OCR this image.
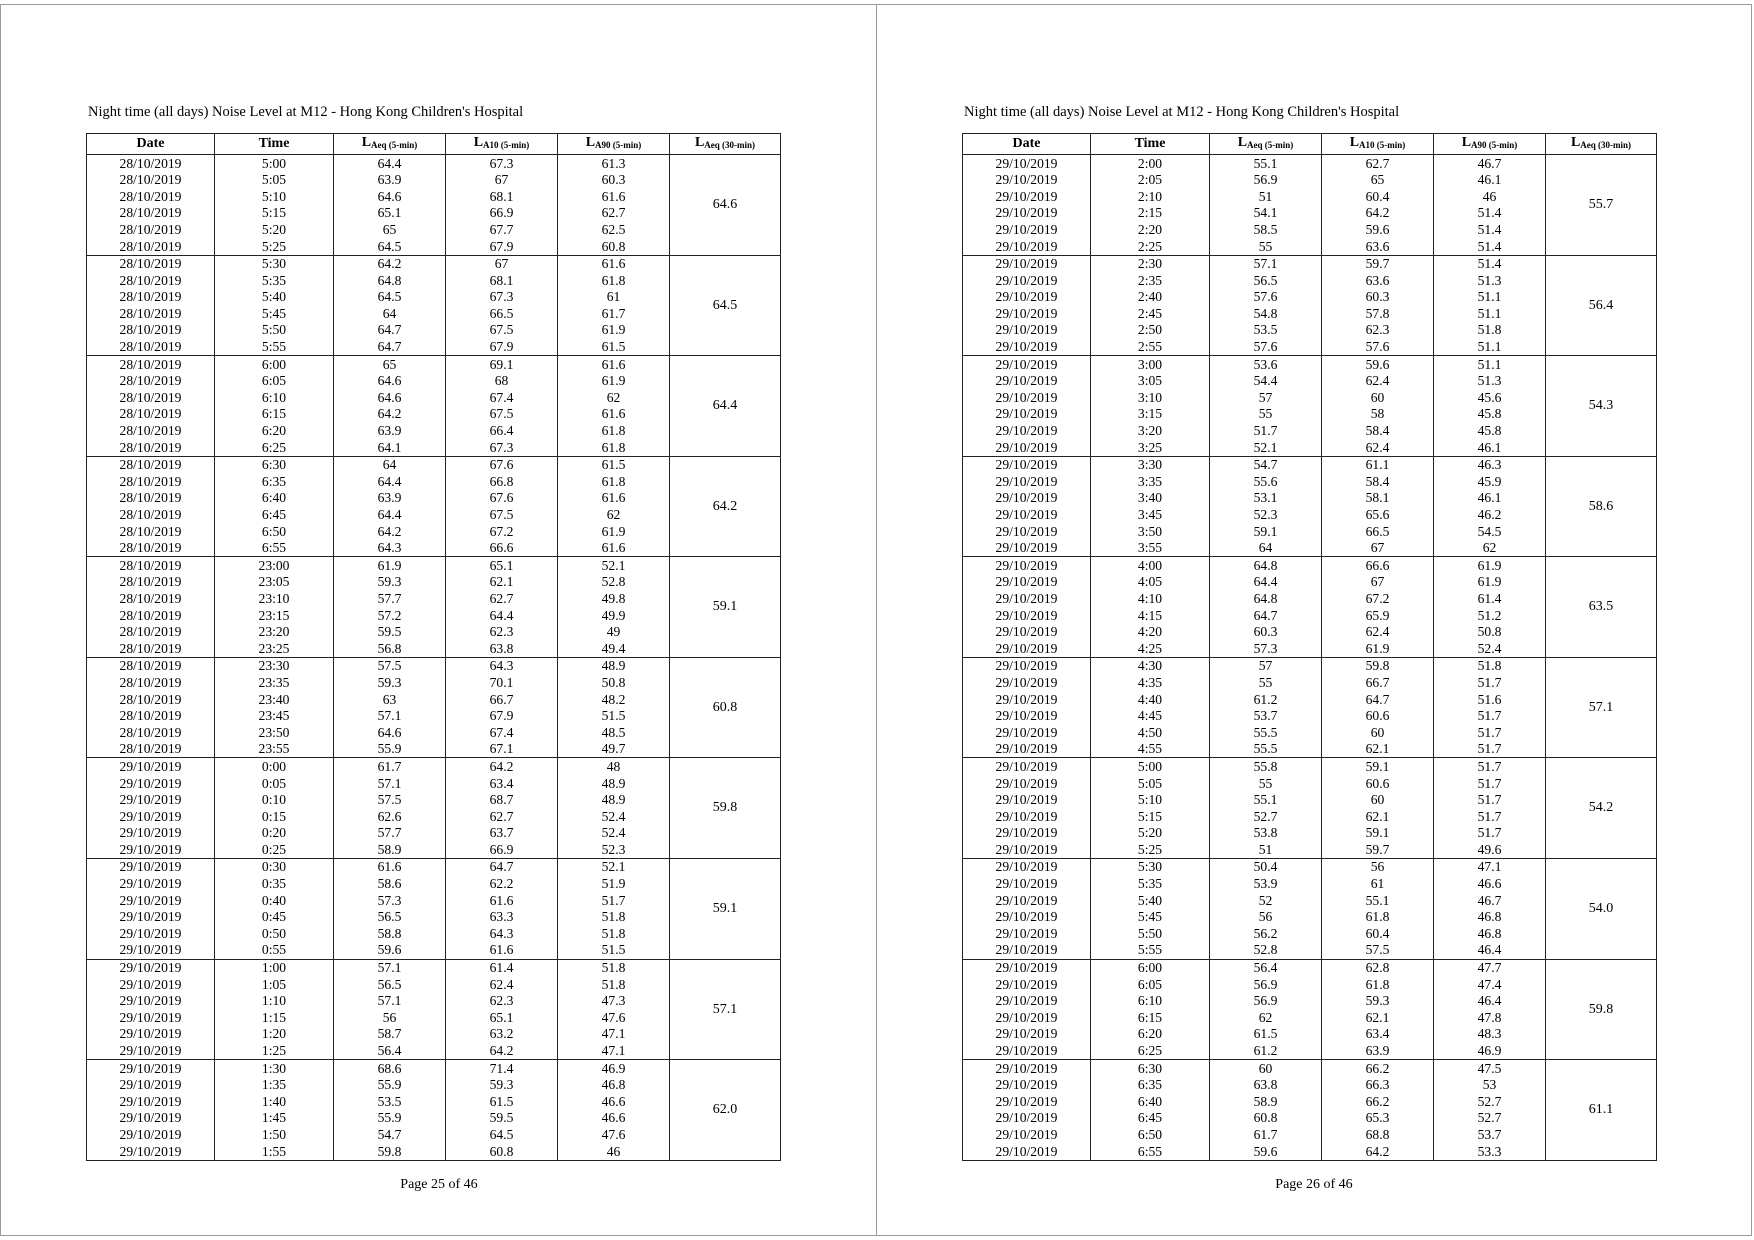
Night time (all days) Noise Level at M12 - Hong Kong Children's Hospital
Date	Time	$L_{Aeq (5-min)}$	$L_{A10 (5-min)}$	$L_{A90 (5-min)}$	$L_{Aeq (30-min)}$
28/10/2019	5:00	64.4	67.3	61.3	64.6
28/10/2019	5:05	63.9	67	60.3	
28/10/2019	5:10	64.6	68.1	61.6	
28/10/2019	5:15	65.1	66.9	62.7	
28/10/2019	5:20	65	67.7	62.5	
28/10/2019	5:25	64.5	67.9	60.8	
28/10/2019	5:30	64.2	67	61.6	64.5
28/10/2019	5:35	64.8	68.1	61.8	
28/10/2019	5:40	64.5	67.3	61	
28/10/2019	5:45	64	66.5	61.7	
28/10/2019	5:50	64.7	67.5	61.9	
28/10/2019	5:55	64.7	67.9	61.5	
28/10/2019	6:00	65	69.1	61.6	64.4
28/10/2019	6:05	64.6	68	61.9	
28/10/2019	6:10	64.6	67.4	62	
28/10/2019	6:15	64.2	67.5	61.6	
28/10/2019	6:20	63.9	66.4	61.8	
28/10/2019	6:25	64.1	67.3	61.8	
28/10/2019	6:30	64	67.6	61.5	64.2
28/10/2019	6:35	64.4	66.8	61.8	
28/10/2019	6:40	63.9	67.6	61.6	
28/10/2019	6:45	64.4	67.5	62	
28/10/2019	6:50	64.2	67.2	61.9	
28/10/2019	6:55	64.3	66.6	61.6	
28/10/2019	23:00	61.9	65.1	52.1	59.1
28/10/2019	23:05	59.3	62.1	52.8	
28/10/2019	23:10	57.7	62.7	49.8	
28/10/2019	23:15	57.2	64.4	49.9	
28/10/2019	23:20	59.5	62.3	49	
28/10/2019	23:25	56.8	63.8	49.4	
28/10/2019	23:30	57.5	64.3	48.9	60.8
28/10/2019	23:35	59.3	70.1	50.8	
28/10/2019	23:40	63	66.7	48.2	
28/10/2019	23:45	57.1	67.9	51.5	
28/10/2019	23:50	64.6	67.4	48.5	
28/10/2019	23:55	55.9	67.1	49.7	
29/10/2019	0:00	61.7	64.2	48	59.8
29/10/2019	0:05	57.1	63.4	48.9	
29/10/2019	0:10	57.5	68.7	48.9	
29/10/2019	0:15	62.6	62.7	52.4	
29/10/2019	0:20	57.7	63.7	52.4	
29/10/2019	0:25	58.9	66.9	52.3	
29/10/2019	0:30	61.6	64.7	52.1	59.1
29/10/2019	0:35	58.6	62.2	51.9	
29/10/2019	0:40	57.3	61.6	51.7	
29/10/2019	0:45	56.5	63.3	51.8	
29/10/2019	0:50	58.8	64.3	51.8	
29/10/2019	0:55	59.6	61.6	51.5	
29/10/2019	1:00	57.1	61.4	51.8	57.1
29/10/2019	1:05	56.5	62.4	51.8	
29/10/2019	1:10	57.1	62.3	47.3	
29/10/2019	1:15	56	65.1	47.6	
29/10/2019	1:20	58.7	63.2	47.1	
29/10/2019	1:25	56.4	64.2	47.1	
29/10/2019	1:30	68.6	71.4	46.9	62.0
29/10/2019	1:35	55.9	59.3	46.8	
29/10/2019	1:40	53.5	61.5	46.6	
29/10/2019	1:45	55.9	59.5	46.6	
29/10/2019	1:50	54.7	64.5	47.6	
29/10/2019	1:55	59.8	60.8	46	
Page 25 of 46
Night time (all days) Noise Level at M12 - Hong Kong Children's Hospital
Date	Time	$L_{Aeq (5-min)}$	$L_{A10 (5-min)}$	$L_{A90 (5-min)}$	$L_{Aeq (30-min)}$
29/10/2019	2:00	55.1	62.7	46.7	55.7
29/10/2019	2:05	56.9	65	46.1	
29/10/2019	2:10	51	60.4	46	
29/10/2019	2:15	54.1	64.2	51.4	
29/10/2019	2:20	58.5	59.6	51.4	
29/10/2019	2:25	55	63.6	51.4	
29/10/2019	2:30	57.1	59.7	51.4	56.4
29/10/2019	2:35	56.5	63.6	51.3	
29/10/2019	2:40	57.6	60.3	51.1	
29/10/2019	2:45	54.8	57.8	51.1	
29/10/2019	2:50	53.5	62.3	51.8	
29/10/2019	2:55	57.6	57.6	51.1	
29/10/2019	3:00	53.6	59.6	51.1	54.3
29/10/2019	3:05	54.4	62.4	51.3	
29/10/2019	3:10	57	60	45.6	
29/10/2019	3:15	55	58	45.8	
29/10/2019	3:20	51.7	58.4	45.8	
29/10/2019	3:25	52.1	62.4	46.1	
29/10/2019	3:30	54.7	61.1	46.3	58.6
29/10/2019	3:35	55.6	58.4	45.9	
29/10/2019	3:40	53.1	58.1	46.1	
29/10/2019	3:45	52.3	65.6	46.2	
29/10/2019	3:50	59.1	66.5	54.5	
29/10/2019	3:55	64	67	62	
29/10/2019	4:00	64.8	66.6	61.9	63.5
29/10/2019	4:05	64.4	67	61.9	
29/10/2019	4:10	64.8	67.2	61.4	
29/10/2019	4:15	64.7	65.9	51.2	
29/10/2019	4:20	60.3	62.4	50.8	
29/10/2019	4:25	57.3	61.9	52.4	
29/10/2019	4:30	57	59.8	51.8	57.1
29/10/2019	4:35	55	66.7	51.7	
29/10/2019	4:40	61.2	64.7	51.6	
29/10/2019	4:45	53.7	60.6	51.7	
29/10/2019	4:50	55.5	60	51.7	
29/10/2019	4:55	55.5	62.1	51.7	
29/10/2019	5:00	55.8	59.1	51.7	54.2
29/10/2019	5:05	55	60.6	51.7	
29/10/2019	5:10	55.1	60	51.7	
29/10/2019	5:15	52.7	62.1	51.7	
29/10/2019	5:20	53.8	59.1	51.7	
29/10/2019	5:25	51	59.7	49.6	
29/10/2019	5:30	50.4	56	47.1	54.0
29/10/2019	5:35	53.9	61	46.6	
29/10/2019	5:40	52	55.1	46.7	
29/10/2019	5:45	56	61.8	46.8	
29/10/2019	5:50	56.2	60.4	46.8	
29/10/2019	5:55	52.8	57.5	46.4	
29/10/2019	6:00	56.4	62.8	47.7	59.8
29/10/2019	6:05	56.9	61.8	47.4	
29/10/2019	6:10	56.9	59.3	46.4	
29/10/2019	6:15	62	62.1	47.8	
29/10/2019	6:20	61.5	63.4	48.3	
29/10/2019	6:25	61.2	63.9	46.9	
29/10/2019	6:30	60	66.2	47.5	61.1
29/10/2019	6:35	63.8	66.3	53	
29/10/2019	6:40	58.9	66.2	52.7	
29/10/2019	6:45	60.8	65.3	52.7	
29/10/2019	6:50	61.7	68.8	53.7	
29/10/2019	6:55	59.6	64.2	53.3	
Page 26 of 46
